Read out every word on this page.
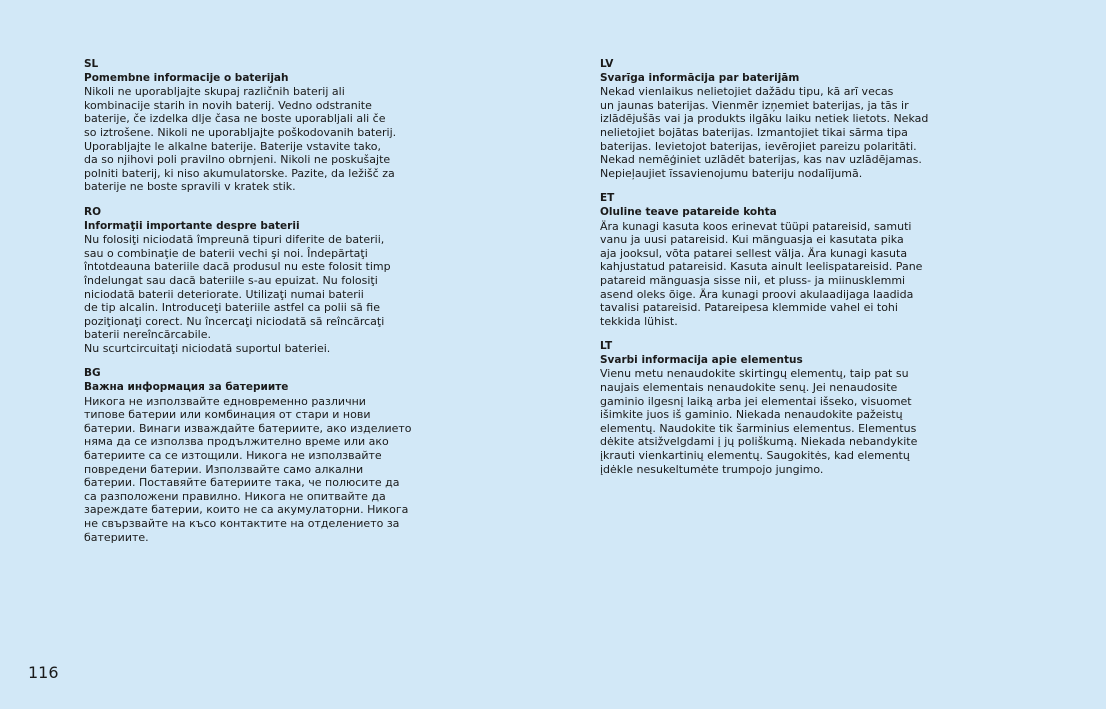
SL
Pomembne informacije o baterijah
Nikoli ne uporabljajte skupaj različnih baterij ali
kombinacije starih in novih baterij. Vedno odstranite
baterije, če izdelka dlje časa ne boste uporabljali ali če
so iztrošene. Nikoli ne uporabljajte poškodovanih baterij.
Uporabljajte le alkalne baterije. Baterije vstavite tako,
da so njihovi poli pravilno obrnjeni. Nikoli ne poskušajte
polniti baterij, ki niso akumulatorske. Pazite, da ležišč za
baterije ne boste spravili v kratek stik.
RO
Informaţii importante despre baterii
Nu folosiţi niciodată împreună tipuri diferite de baterii,
sau o combinaţie de baterii vechi şi noi. Îndepărtaţi
întotdeauna bateriile dacă produsul nu este folosit timp
îndelungat sau dacă bateriile s-au epuizat. Nu folosiţi
niciodată baterii deteriorate. Utilizaţi numai baterii
de tip alcalin. Introduceţi bateriile astfel ca polii să fie
poziţionaţi corect. Nu încercaţi niciodată să reîncărcaţi
baterii nereîncărcabile.
Nu scurtcircuitaţi niciodată suportul bateriei.
BG
Важна информация за батериите
Никога не използвайте едновременно различни
типове батерии или комбинация от стари и нови
батерии. Винаги изваждайте батериите, ако изделието
няма да се използва продължително време или ако
батериите са се изтощили. Никога не използвайте
повредени батерии. Използвайте само алкални
батерии. Поставяйте батериите така, че полюсите да
са разположени правилно. Никога не опитвайте да
зареждате батерии, които не са акумулаторни. Никога
не свързвайте на късо контактите на отделението за
батериите.
LV
Svarīga informācija par baterijām
Nekad vienlaikus nelietojiet dažādu tipu, kā arī vecas
un jaunas baterijas. Vienmēr izņemiet baterijas, ja tās ir
izlādējušās vai ja produkts ilgāku laiku netiek lietots. Nekad
nelietojiet bojātas baterijas. Izmantojiet tikai sārma tipa
baterijas. Ievietojot baterijas, ievērojiet pareizu polaritāti.
Nekad nemēģiniet uzlādēt baterijas, kas nav uzlādējamas.
Nepieļaujiet īssavienojumu bateriju nodalījumā.
ET
Oluline teave patareide kohta
Ära kunagi kasuta koos erinevat tüüpi patareisid, samuti
vanu ja uusi patareisid. Kui mänguasja ei kasutata pika
aja jooksul, võta patarei sellest välja. Ära kunagi kasuta
kahjustatud patareisid. Kasuta ainult leelispatareisid. Pane
patareid mänguasja sisse nii, et pluss- ja miinusklemmi
asend oleks õige. Ära kunagi proovi akulaadijaga laadida
tavalisi patareisid. Patareipesa klemmide vahel ei tohi
tekkida lühist.
LT
Svarbi informacija apie elementus
Vienu metu nenaudokite skirtingų elementų, taip pat su
naujais elementais nenaudokite senų. Jei nenaudosite
gaminio ilgesnį laiką arba jei elementai išseko, visuomet
išimkite juos iš gaminio. Niekada nenaudokite pažeistų
elementų. Naudokite tik šarminius elementus. Elementus
dėkite atsižvelgdami į jų poliškumą. Niekada nebandykite
įkrauti vienkartinių elementų. Saugokitės, kad elementų
įdėkle nesukeltumėte trumpojo jungimo.
116
